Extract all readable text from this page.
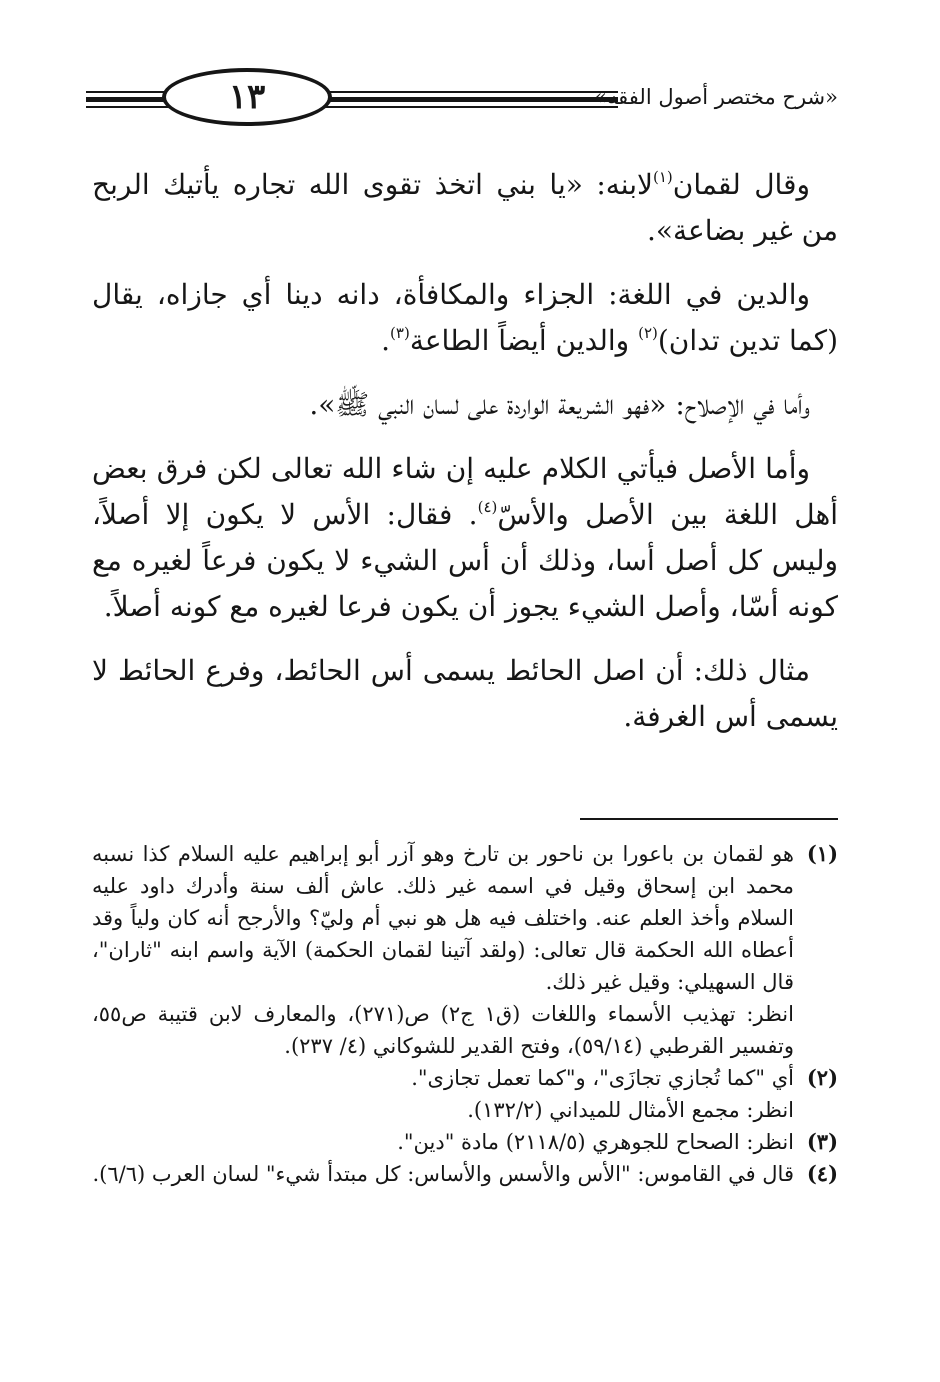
«شرح مختصر أصول الفقه»
١٣

وقال لقمان$^{(١)}$لابنه: «يا بني اتخذ تقوى الله تجاره يأتيك الربح من غير بضاعة».

والدين في اللغة: الجزاء والمكافأة، دانه دينا أي جازاه، يقال (كما تدين تدان)$^{(٢)}$ والدين أيضاً الطاعة$^{(٣)}$.

وأما في الإصلاح: «فهو الشريعة الواردة على لسان النبي ﷺ».

وأما الأصل فيأتي الكلام عليه إن شاء الله تعالى لكن فرق بعض أهل اللغة بين الأصل والأسّ$^{(٤)}$. فقال: الأس لا يكون إلا أصلاً، وليس كل أصل أسا، وذلك أن أس الشيء لا يكون فرعاً لغيره مع كونه أسّا، وأصل الشيء يجوز أن يكون فرعا لغيره مع كونه أصلاً.

مثال ذلك: أن اصل الحائط يسمى أس الحائط، وفرع الحائط لا يسمى أس الغرفة.

(١)
هو لقمان بن باعورا بن ناحور بن تارخ وهو آزر أبو إبراهيم عليه السلام كذا نسبه محمد ابن إسحاق وقيل في اسمه غير ذلك. عاش ألف سنة وأدرك داود عليه السلام وأخذ العلم عنه. واختلف فيه هل هو نبي أم وليّ؟ والأرجح أنه كان ولياً وقد أعطاه الله الحكمة قال تعالى: (ولقد آتينا لقمان الحكمة) الآية واسم ابنه "ثاران"، قال السهيلي: وقيل غير ذلك.
انظر: تهذيب الأسماء واللغات (ق١ ج٢) ص(٢٧١)، والمعارف لابن قتيبة ص٥٥، وتفسير القرطبي (٥٩/١٤)، وفتح القدير للشوكاني (٤/ ٢٣٧).
(٢)
أي "كما تُجازي تجازَى"، و"كما تعمل تجازى".
انظر: مجمع الأمثال للميداني (١٣٢/٢).
(٣)
انظر: الصحاح للجوهري (٢١١٨/٥) مادة "دين".
(٤)
قال في القاموس: "الأس والأسس والأساس: كل مبتدأ شيء" لسان العرب (٦/٦).
